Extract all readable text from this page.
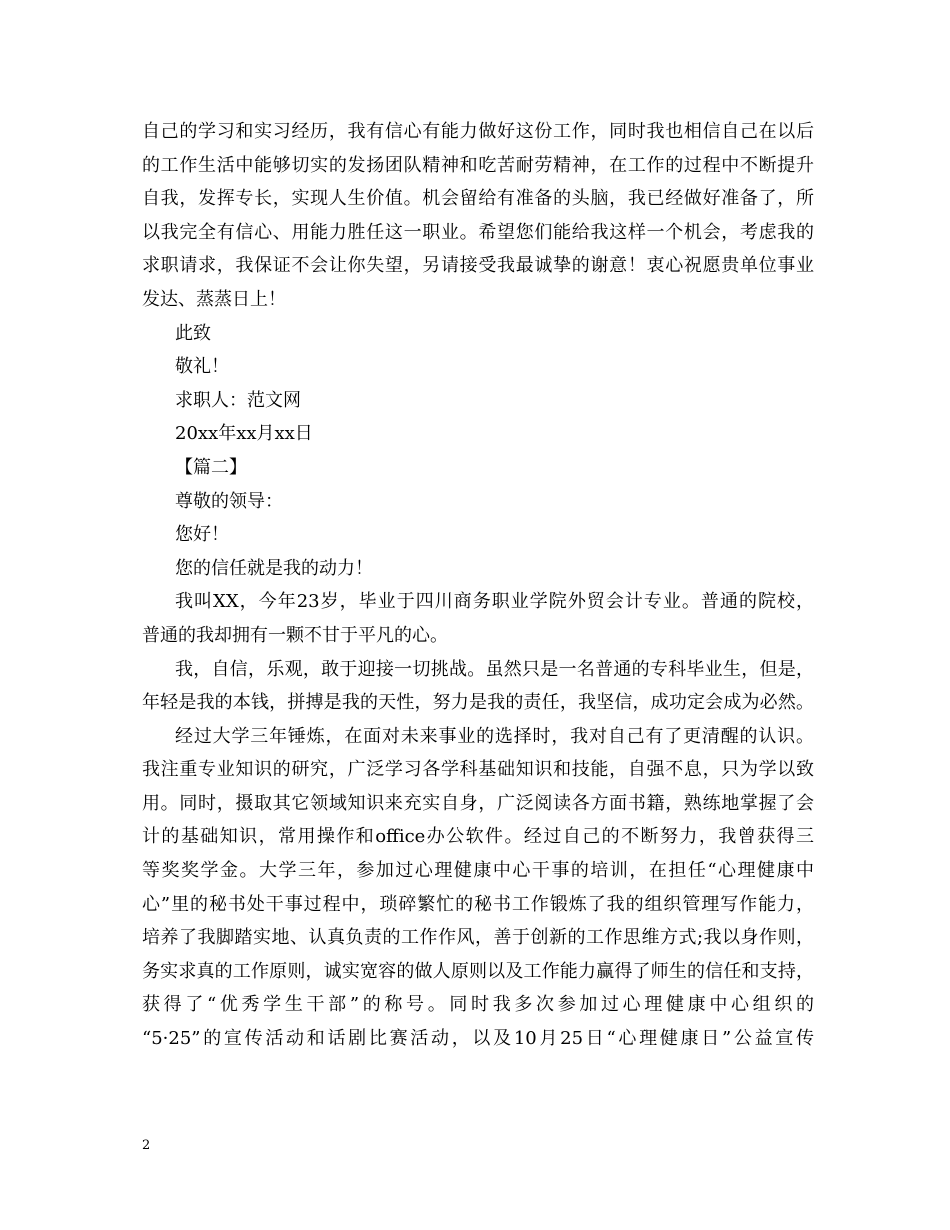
自己的学习和实习经历，我有信心有能力做好这份工作，同时我也相信自己在以后
的工作生活中能够切实的发扬团队精神和吃苦耐劳精神，在工作的过程中不断提升
自我，发挥专长，实现人生价值。机会留给有准备的头脑，我已经做好准备了，所
以我完全有信心、用能力胜任这一职业。希望您们能给我这样一个机会，考虑我的
求职请求，我保证不会让你失望，另请接受我最诚挚的谢意！衷心祝愿贵单位事业
发达、蒸蒸日上！
此致
敬礼！
求职人：范文网
20xx年xx月xx日
【篇二】
尊敬的领导：
您好！
您的信任就是我的动力！
我叫XX，今年23岁，毕业于四川商务职业学院外贸会计专业。普通的院校，
普通的我却拥有一颗不甘于平凡的心。
我，自信，乐观，敢于迎接一切挑战。虽然只是一名普通的专科毕业生，但是，
年轻是我的本钱，拼搏是我的天性，努力是我的责任，我坚信，成功定会成为必然。
经过大学三年锤炼，在面对未来事业的选择时，我对自己有了更清醒的认识。
我注重专业知识的研究，广泛学习各学科基础知识和技能，自强不息，只为学以致
用。同时，摄取其它领域知识来充实自身，广泛阅读各方面书籍，熟练地掌握了会
计的基础知识，常用操作和office办公软件。经过自己的不断努力，我曾获得三
等奖奖学金。大学三年，参加过心理健康中心干事的培训，在担任“心理健康中
心”里的秘书处干事过程中，琐碎繁忙的秘书工作锻炼了我的组织管理写作能力，
培养了我脚踏实地、认真负责的工作作风，善于创新的工作思维方式;我以身作则，
务实求真的工作原则，诚实宽容的做人原则以及工作能力赢得了师生的信任和支持，
获得了“优秀学生干部”的称号。同时我多次参加过心理健康中心组织的
“5·25”的宣传活动和话剧比赛活动，以及10月25日“心理健康日”公益宣传
2
